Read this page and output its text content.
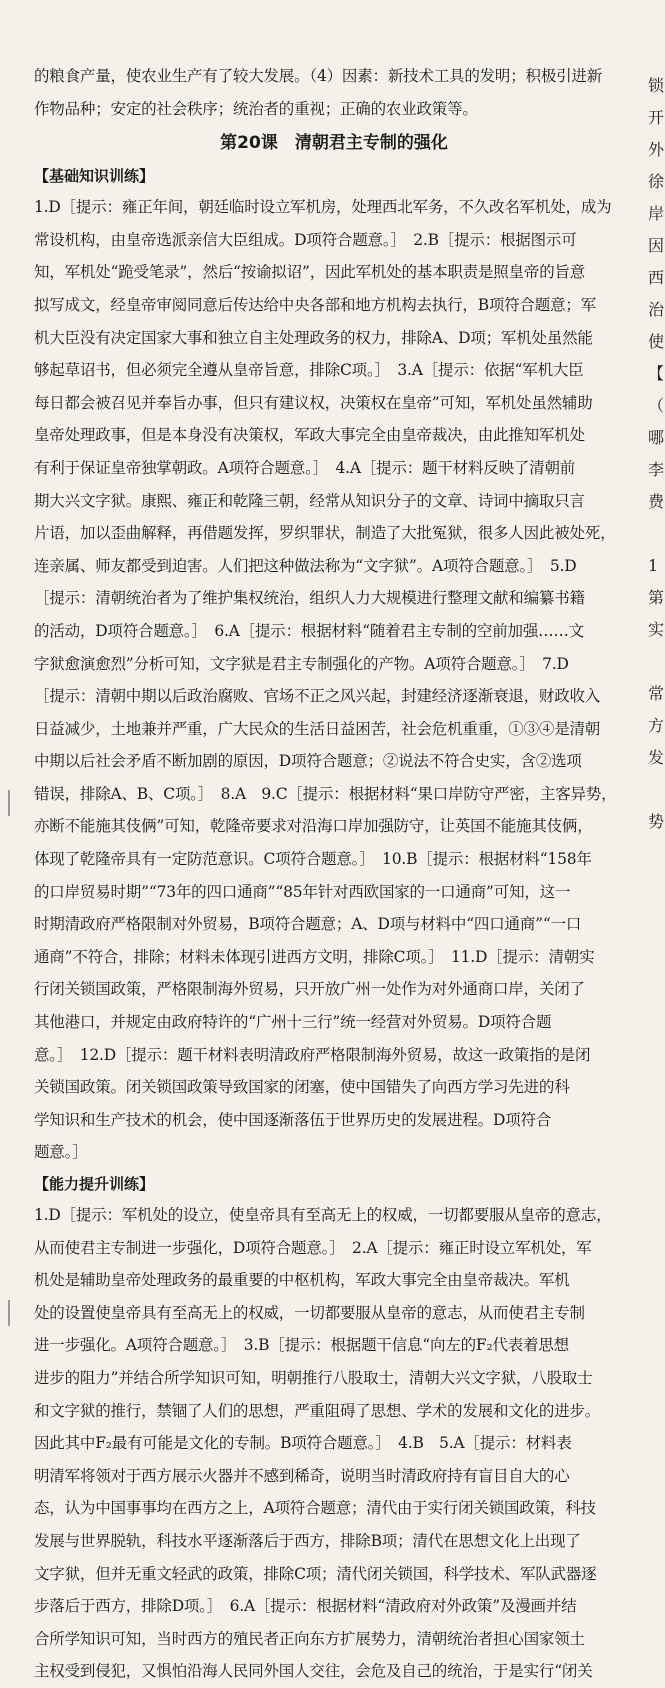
的粮食产量，使农业生产有了较大发展。（4）因素：新技术工具的发明；积极引进新
作物品种；安定的社会秩序；统治者的重视；正确的农业政策等。
第20课　清朝君主专制的强化
【基础知识训练】
1.D［提示：雍正年间，朝廷临时设立军机房，处理西北军务，不久改名军机处，成为
常设机构，由皇帝选派亲信大臣组成。D项符合题意。］　2.B［提示：根据图示可
知，军机处“跪受笔录”，然后“按谕拟诏”，因此军机处的基本职责是照皇帝的旨意
拟写成文，经皇帝审阅同意后传达给中央各部和地方机构去执行，B项符合题意；军
机大臣没有决定国家大事和独立自主处理政务的权力，排除A、D项；军机处虽然能
够起草诏书，但必须完全遵从皇帝旨意，排除C项。］　3.A［提示：依据“军机大臣
每日都会被召见并奉旨办事，但只有建议权，决策权在皇帝”可知，军机处虽然辅助
皇帝处理政事，但是本身没有决策权，军政大事完全由皇帝裁决，由此推知军机处
有利于保证皇帝独掌朝政。A项符合题意。］　4.A［提示：题干材料反映了清朝前
期大兴文字狱。康熙、雍正和乾隆三朝，经常从知识分子的文章、诗词中摘取只言
片语，加以歪曲解释，再借题发挥，罗织罪状，制造了大批冤狱，很多人因此被处死，
连亲属、师友都受到迫害。人们把这种做法称为“文字狱”。A项符合题意。］　5.D
［提示：清朝统治者为了维护集权统治，组织人力大规模进行整理文献和编纂书籍
的活动，D项符合题意。］　6.A［提示：根据材料“随着君主专制的空前加强……文
字狱愈演愈烈”分析可知，文字狱是君主专制强化的产物。A项符合题意。］　7.D
［提示：清朝中期以后政治腐败、官场不正之风兴起，封建经济逐渐衰退，财政收入
日益减少，土地兼并严重，广大民众的生活日益困苦，社会危机重重，①③④是清朝
中期以后社会矛盾不断加剧的原因，D项符合题意；②说法不符合史实，含②选项
错误，排除A、B、C项。］　8.A　9.C［提示：根据材料“果口岸防守严密，主客异势，
亦断不能施其伎俩”可知，乾隆帝要求对沿海口岸加强防守，让英国不能施其伎俩，
体现了乾隆帝具有一定防范意识。C项符合题意。］　10.B［提示：根据材料“158年
的口岸贸易时期”“73年的四口通商”“85年针对西欧国家的一口通商”可知，这一
时期清政府严格限制对外贸易，B项符合题意；A、D项与材料中“四口通商”“一口
通商”不符合，排除；材料未体现引进西方文明，排除C项。］　11.D［提示：清朝实
行闭关锁国政策，严格限制海外贸易，只开放广州一处作为对外通商口岸，关闭了
其他港口，并规定由政府特许的“广州十三行”统一经营对外贸易。D项符合题
意。］　12.D［提示：题干材料表明清政府严格限制海外贸易，故这一政策指的是闭
关锁国政策。闭关锁国政策导致国家的闭塞，使中国错失了向西方学习先进的科
学知识和生产技术的机会，使中国逐渐落伍于世界历史的发展进程。D项符合
题意。］
【能力提升训练】
1.D［提示：军机处的设立，使皇帝具有至高无上的权威，一切都要服从皇帝的意志，
从而使君主专制进一步强化，D项符合题意。］　2.A［提示：雍正时设立军机处，军
机处是辅助皇帝处理政务的最重要的中枢机构，军政大事完全由皇帝裁决。军机
处的设置使皇帝具有至高无上的权威，一切都要服从皇帝的意志，从而使君主专制
进一步强化。A项符合题意。］　3.B［提示：根据题干信息“向左的F₂代表着思想
进步的阻力”并结合所学知识可知，明朝推行八股取士，清朝大兴文字狱，八股取士
和文字狱的推行，禁锢了人们的思想，严重阻碍了思想、学术的发展和文化的进步。
因此其中F₂最有可能是文化的专制。B项符合题意。］　4.B　5.A［提示：材料表
明清军将领对于西方展示火器并不感到稀奇，说明当时清政府持有盲目自大的心
态，认为中国事事均在西方之上，A项符合题意；清代由于实行闭关锁国政策，科技
发展与世界脱轨，科技水平逐渐落后于西方，排除B项；清代在思想文化上出现了
文字狱，但并无重文轻武的政策，排除C项；清代闭关锁国，科学技术、军队武器逐
步落后于西方，排除D项。］　6.A［提示：根据材料“清政府对外政策”及漫画并结
合所学知识可知，当时西方的殖民者正向东方扩展势力，清朝统治者担心国家领土
主权受到侵犯，又惧怕沿海人民同外国人交往，会危及自己的统治，于是实行“闭关
锁
开
外
徐
岸
因
西
治
使
【
（
哪
李
费
1
第
实
常
方
发
势
